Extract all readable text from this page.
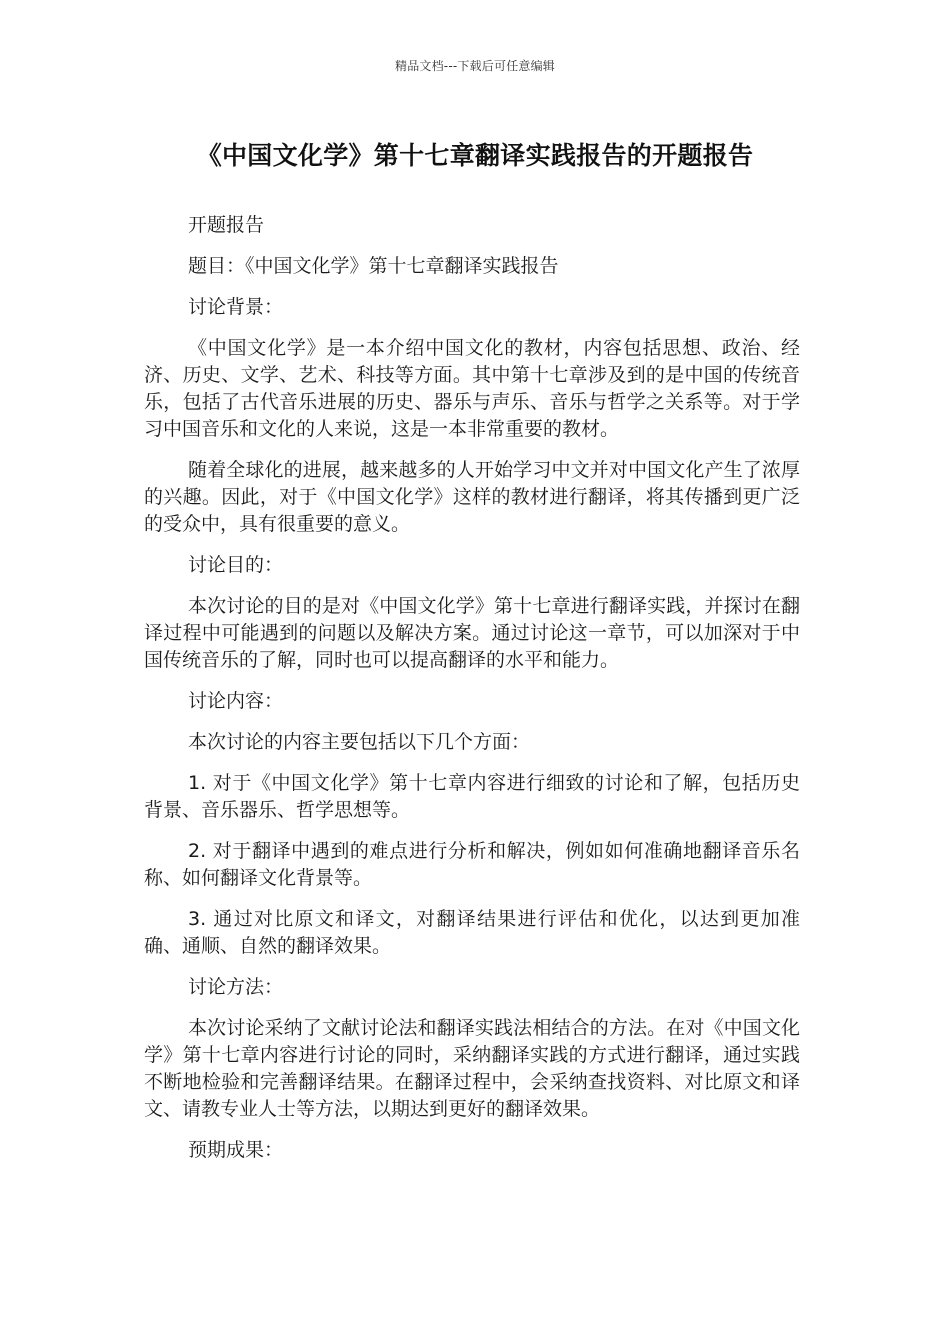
精品文档---下载后可任意编辑
《中国文化学》第十七章翻译实践报告的开题报告

开题报告

题目：《中国文化学》第十七章翻译实践报告

讨论背景：

《中国文化学》是一本介绍中国文化的教材，内容包括思想、政治、经济、历史、文学、艺术、科技等方面。其中第十七章涉及到的是中国的传统音乐，包括了古代音乐进展的历史、器乐与声乐、音乐与哲学之关系等。对于学习中国音乐和文化的人来说，这是一本非常重要的教材。

随着全球化的进展，越来越多的人开始学习中文并对中国文化产生了浓厚的兴趣。因此，对于《中国文化学》这样的教材进行翻译，将其传播到更广泛的受众中，具有很重要的意义。

讨论目的：

本次讨论的目的是对《中国文化学》第十七章进行翻译实践，并探讨在翻译过程中可能遇到的问题以及解决方案。通过讨论这一章节，可以加深对于中国传统音乐的了解，同时也可以提高翻译的水平和能力。

讨论内容：

本次讨论的内容主要包括以下几个方面：

1. 对于《中国文化学》第十七章内容进行细致的讨论和了解，包括历史背景、音乐器乐、哲学思想等。

2. 对于翻译中遇到的难点进行分析和解决，例如如何准确地翻译音乐名称、如何翻译文化背景等。

3. 通过对比原文和译文，对翻译结果进行评估和优化，以达到更加准确、通顺、自然的翻译效果。

讨论方法：

本次讨论采纳了文献讨论法和翻译实践法相结合的方法。在对《中国文化学》第十七章内容进行讨论的同时，采纳翻译实践的方式进行翻译，通过实践不断地检验和完善翻译结果。在翻译过程中，会采纳查找资料、对比原文和译文、请教专业人士等方法，以期达到更好的翻译效果。

预期成果：
